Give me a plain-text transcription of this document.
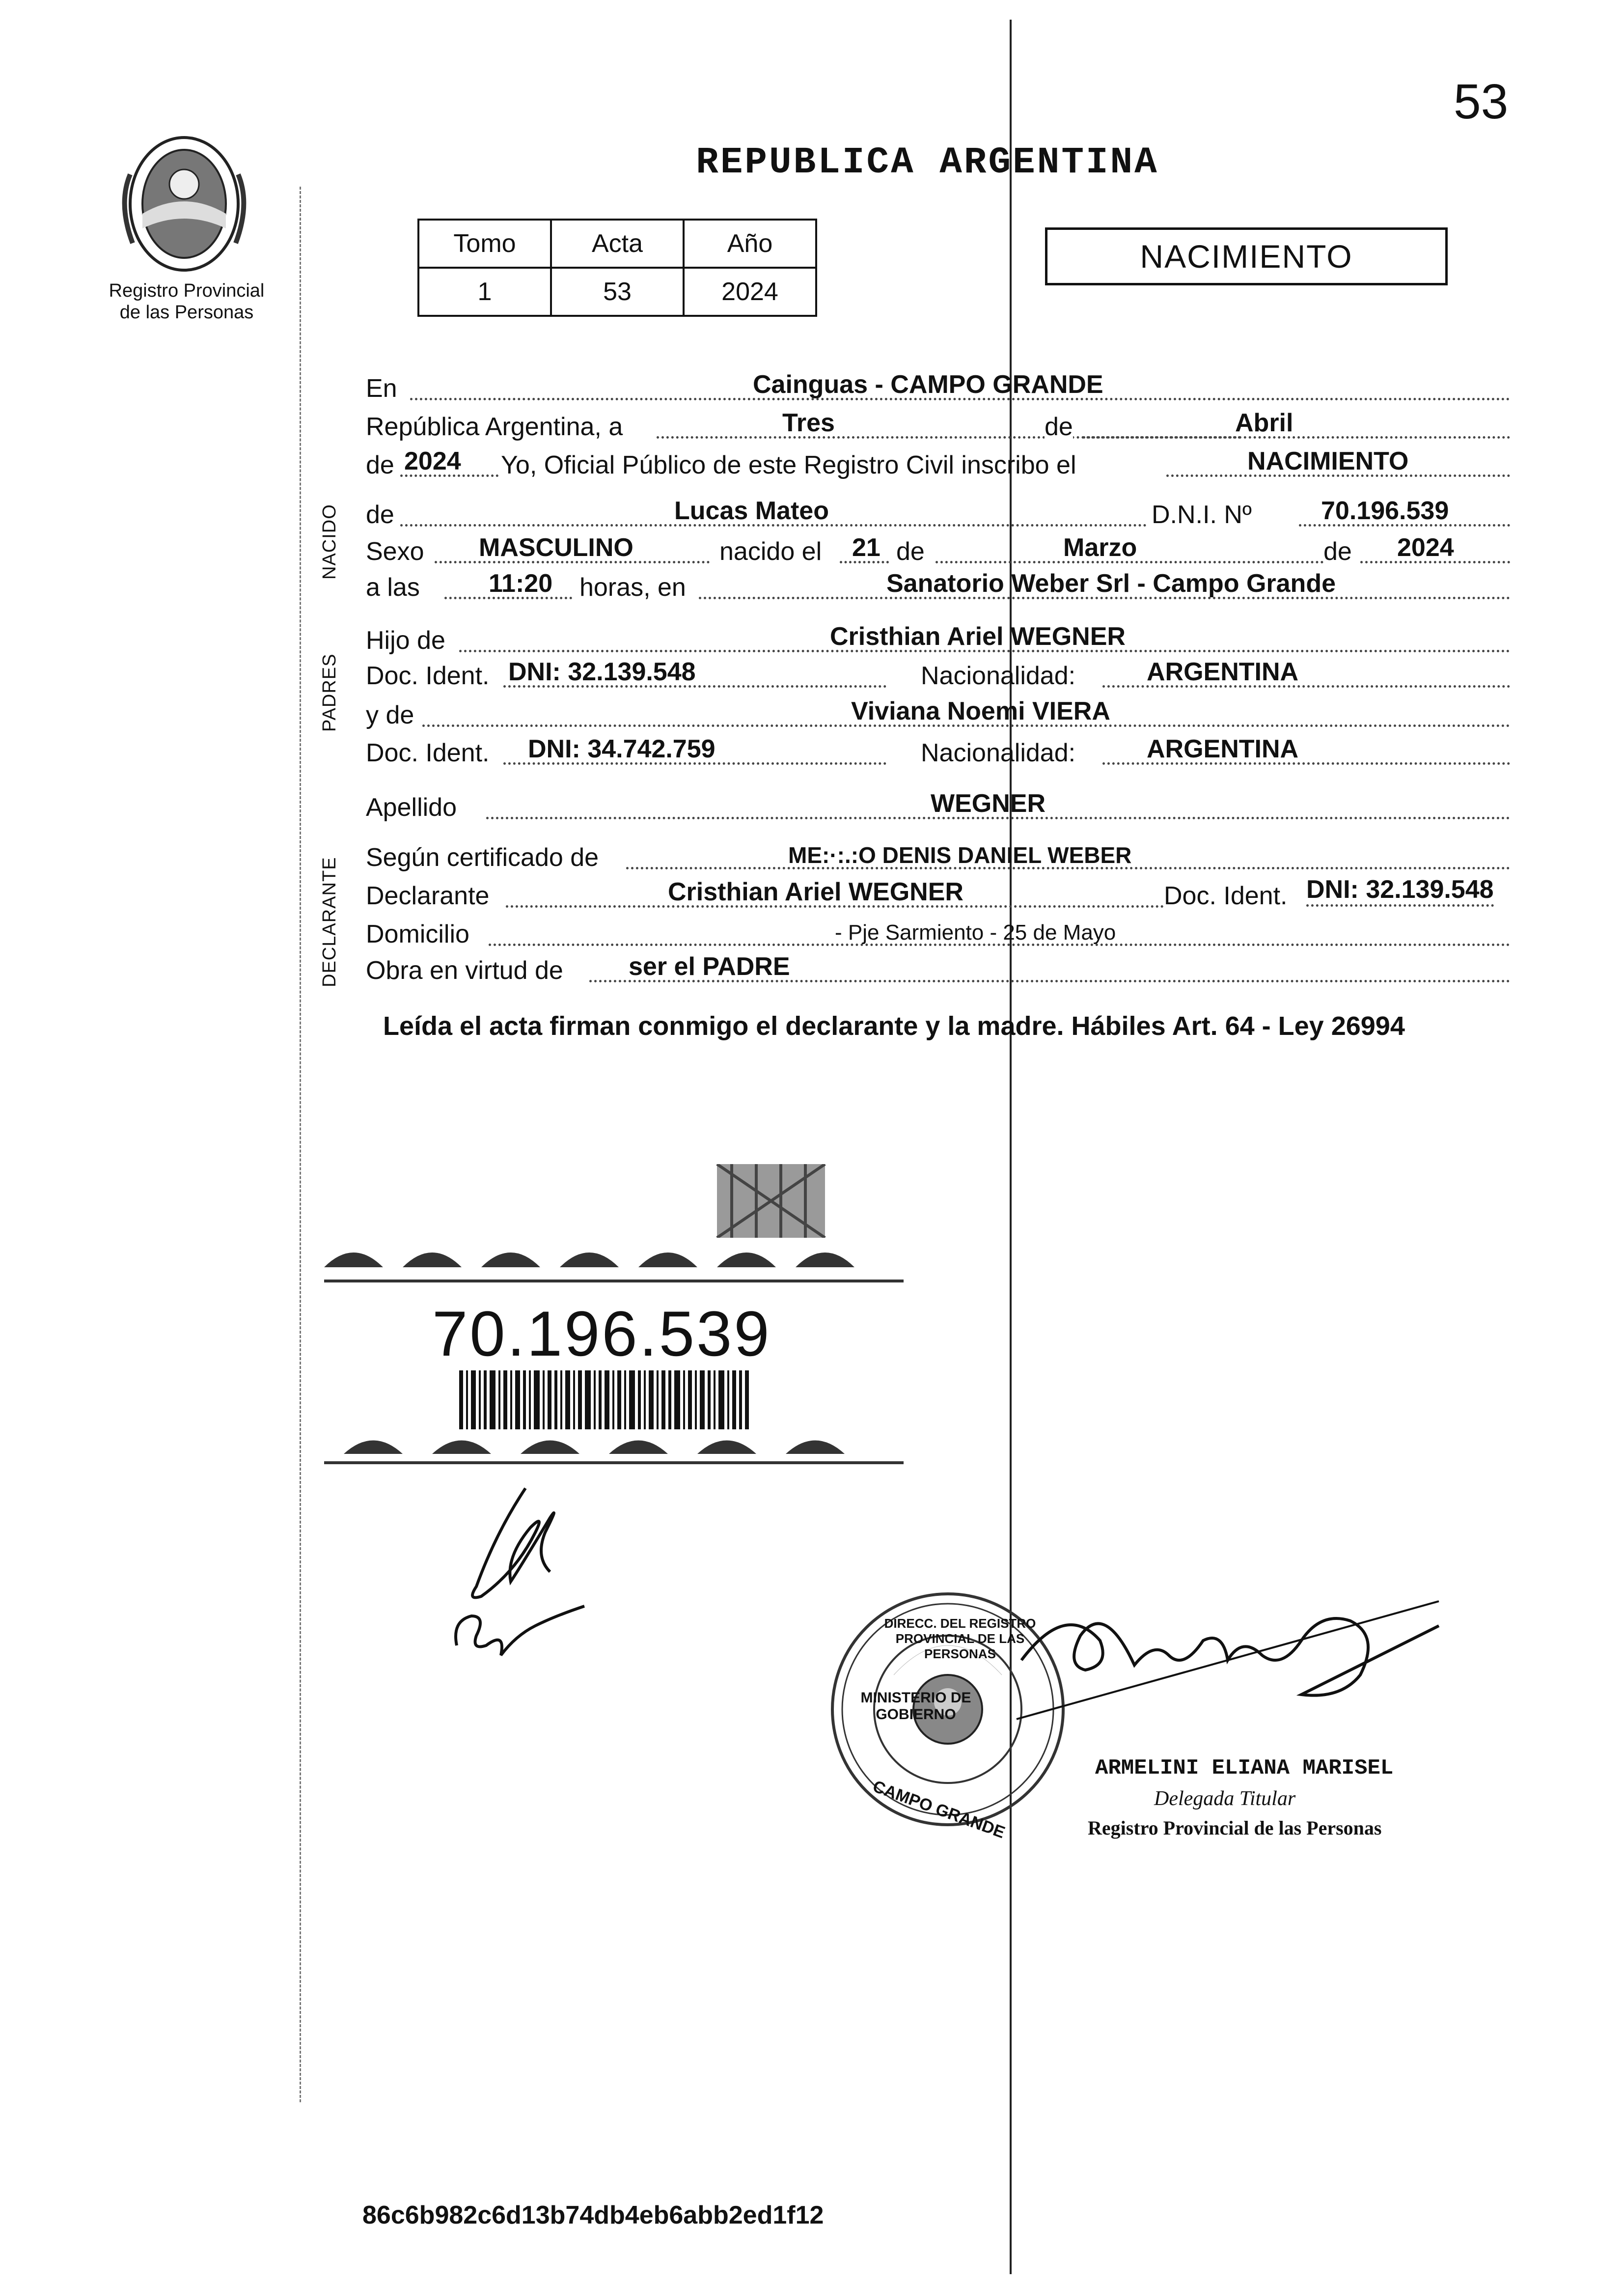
53
Registro Provincial
de las Personas
REPUBLICA ARGENTINA
Tomo	Acta	Año
1	53	2024
NACIMIENTO
NACIDO
PADRES
DECLARANTE
En	Cainguas - CAMPO GRANDE
República Argentina, a	Tres	de	Abril
de 2024 Yo, Oficial Público de este Registro Civil inscribo el	NACIMIENTO
de	Lucas Mateo	D.N.I. Nº	70.196.539
Sexo MASCULINO	nacido el 21 de	Marzo	de 2024
a las	11:20 horas, en	Sanatorio Weber Srl - Campo Grande
Hijo de	Cristhian Ariel WEGNER
Doc. Ident. DNI: 32.139.548	Nacionalidad:	ARGENTINA
y de	Viviana Noemi VIERA
Doc. Ident. DNI: 34.742.759	Nacionalidad:	ARGENTINA
Apellido	WEGNER
Según certificado de	ME:·:.:O DENIS DANIEL WEBER
Declarante	Cristhian Ariel WEGNER	Doc. Ident. DNI: 32.139.548
Domicilio	- Pje Sarmiento - 25 de Mayo
Obra en virtud de	ser el PADRE
Leída el acta firman conmigo el declarante y la madre. Hábiles Art. 64 - Ley 26994
70.196.539
CAMPO GRANDE
MINISTERIO DE GOBIERNO
DIRECC. DEL REGISTRO PROVINCIAL DE LAS PERSONAS
ARMELINI ELIANA MARISEL
Delegada Titular
Registro Provincial de las Personas
86c6b982c6d13b74db4eb6abb2ed1f12
